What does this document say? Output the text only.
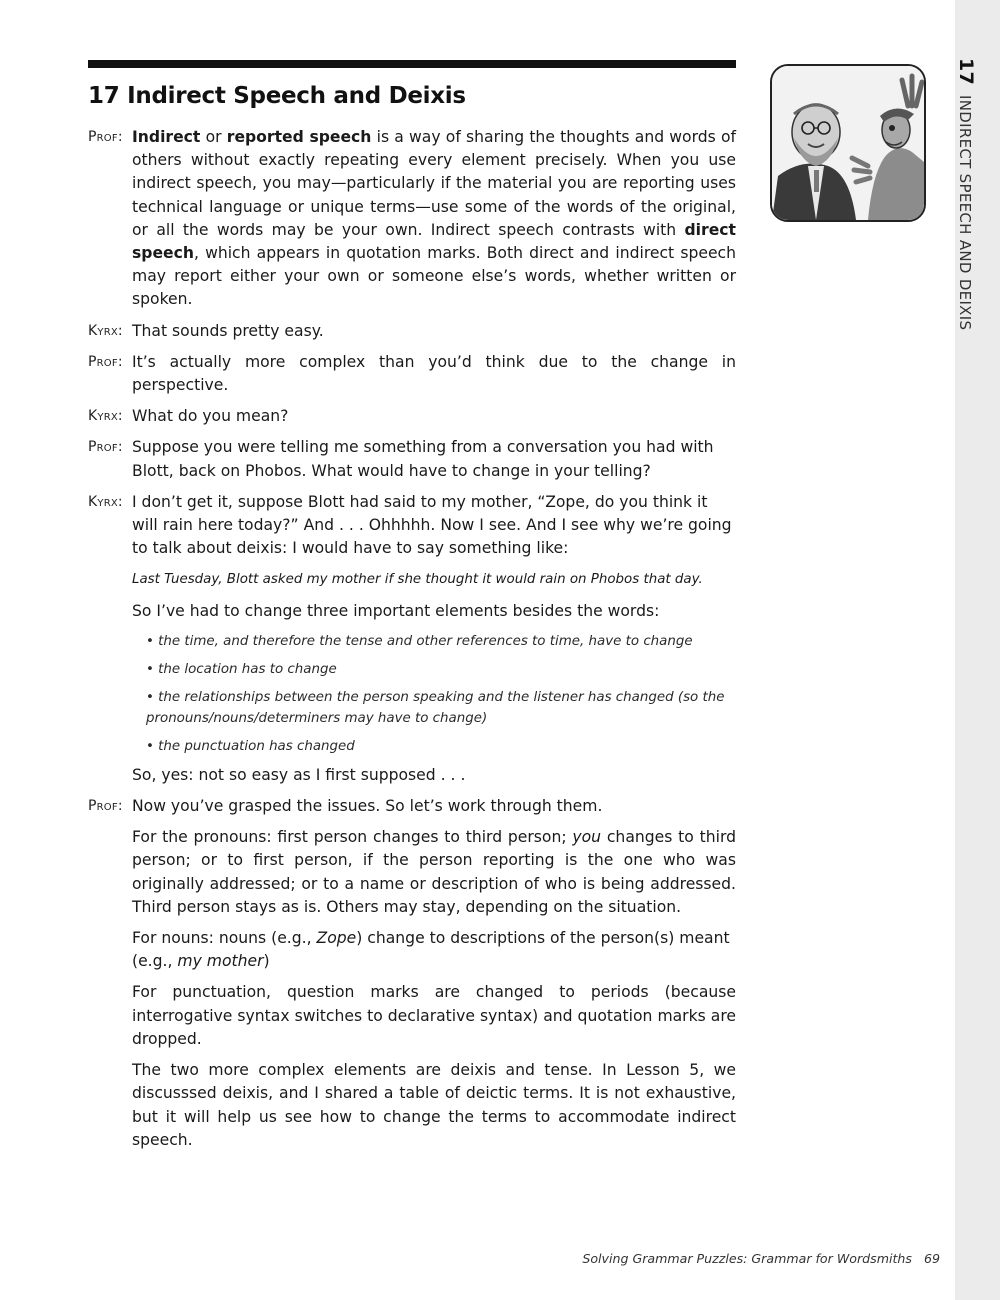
17INDIRECT SPEECH AND DEIXIS
17 Indirect Speech and Deixis
Prof: Indirect or reported speech is a way of sharing the thoughts and words of others without exactly repeating every element precisely. When you use indirect speech, you may—particularly if the material you are reporting uses technical language or unique terms—use some of the words of the original, or all the words may be your own. Indirect speech contrasts with direct speech, which appears in quotation marks. Both direct and indirect speech may report either your own or someone else’s words, whether written or spoken.

Kyrx: That sounds pretty easy.

Prof: It’s actually more complex than you’d think due to the change in perspective.

Kyrx: What do you mean?

Prof: Suppose you were telling me something from a conversation you had with Blott, back on Phobos. What would have to change in your telling?

Kyrx: I don’t get it, suppose Blott had said to my mother, “Zope, do you think it will rain here today?” And . . . Ohhhhh. Now I see. And I see why we’re going to talk about deixis: I would have to say something like:

Last Tuesday, Blott asked my mother if she thought it would rain on Phobos that day.

So I’ve had to change three important elements besides the words:

• the time, and therefore the tense and other references to time, have to change

• the location has to change

• the relationships between the person speaking and the listener has changed (so the pronouns/nouns/determiners may have to change)

• the punctuation has changed

So, yes: not so easy as I first supposed . . .

Prof: Now you’ve grasped the issues. So let’s work through them.

For the pronouns: first person changes to third person; you changes to third person; or to first person, if the person reporting is the one who was originally addressed; or to a name or description of who is being addressed. Third person stays as is. Others may stay, depending on the situation.

For nouns: nouns (e.g., Zope) change to descriptions of the person(s) meant (e.g., my mother)

For punctuation, question marks are changed to periods (because interrogative syntax switches to declarative syntax) and quotation marks are dropped.

The two more complex elements are deixis and tense. In Lesson 5, we discusssed deixis, and I shared a table of deictic terms. It is not exhaustive, but it will help us see how to change the terms to accommodate indirect speech.

Solving Grammar Puzzles: Grammar for Wordsmiths 69
